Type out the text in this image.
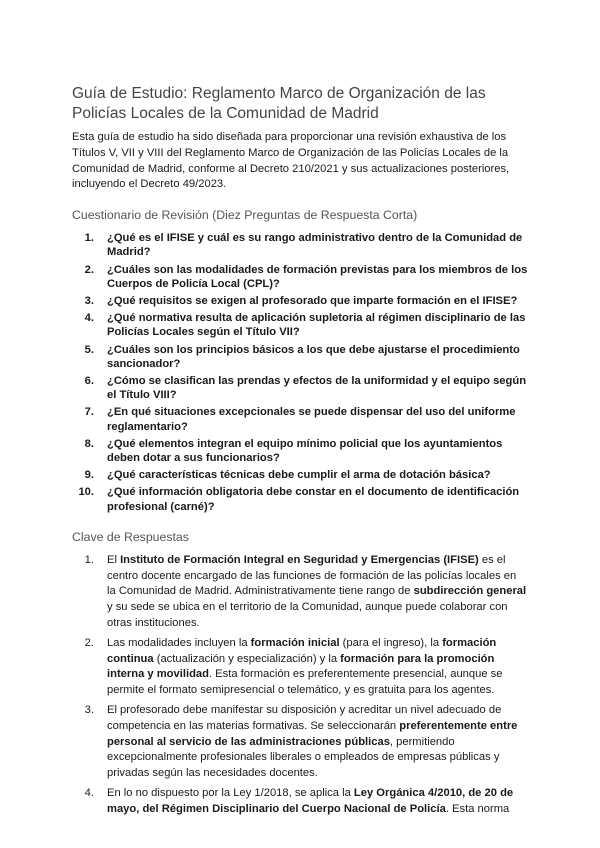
Guía de Estudio: Reglamento Marco de Organización de las Policías Locales de la Comunidad de Madrid

Esta guía de estudio ha sido diseñada para proporcionar una revisión exhaustiva de los Títulos V, VII y VIII del Reglamento Marco de Organización de las Policías Locales de la Comunidad de Madrid, conforme al Decreto 210/2021 y sus actualizaciones posteriores, incluyendo el Decreto 49/2023.

Cuestionario de Revisión (Diez Preguntas de Respuesta Corta)
1. ¿Qué es el IFISE y cuál es su rango administrativo dentro de la Comunidad de Madrid?
2. ¿Cuáles son las modalidades de formación previstas para los miembros de los Cuerpos de Policía Local (CPL)?
3. ¿Qué requisitos se exigen al profesorado que imparte formación en el IFISE?
4. ¿Qué normativa resulta de aplicación supletoria al régimen disciplinario de las Policías Locales según el Título VII?
5. ¿Cuáles son los principios básicos a los que debe ajustarse el procedimiento sancionador?
6. ¿Cómo se clasifican las prendas y efectos de la uniformidad y el equipo según el Título VIII?
7. ¿En qué situaciones excepcionales se puede dispensar del uso del uniforme reglamentario?
8. ¿Qué elementos integran el equipo mínimo policial que los ayuntamientos deben dotar a sus funcionarios?
9. ¿Qué características técnicas debe cumplir el arma de dotación básica?
10. ¿Qué información obligatoria debe constar en el documento de identificación profesional (carné)?
Clave de Respuestas
1. El Instituto de Formación Integral en Seguridad y Emergencias (IFISE) es el centro docente encargado de las funciones de formación de las policías locales en la Comunidad de Madrid. Administrativamente tiene rango de subdirección general y su sede se ubica en el territorio de la Comunidad, aunque puede colaborar con otras instituciones.
2. Las modalidades incluyen la formación inicial (para el ingreso), la formación continua (actualización y especialización) y la formación para la promoción interna y movilidad. Esta formación es preferentemente presencial, aunque se permite el formato semipresencial o telemático, y es gratuita para los agentes.
3. El profesorado debe manifestar su disposición y acreditar un nivel adecuado de competencia en las materias formativas. Se seleccionarán preferentemente entre personal al servicio de las administraciones públicas, permitiendo excepcionalmente profesionales liberales o empleados de empresas públicas y privadas según las necesidades docentes.
4. En lo no dispuesto por la Ley 1/2018, se aplica la Ley Orgánica 4/2010, de 20 de mayo, del Régimen Disciplinario del Cuerpo Nacional de Policía. Esta norma
